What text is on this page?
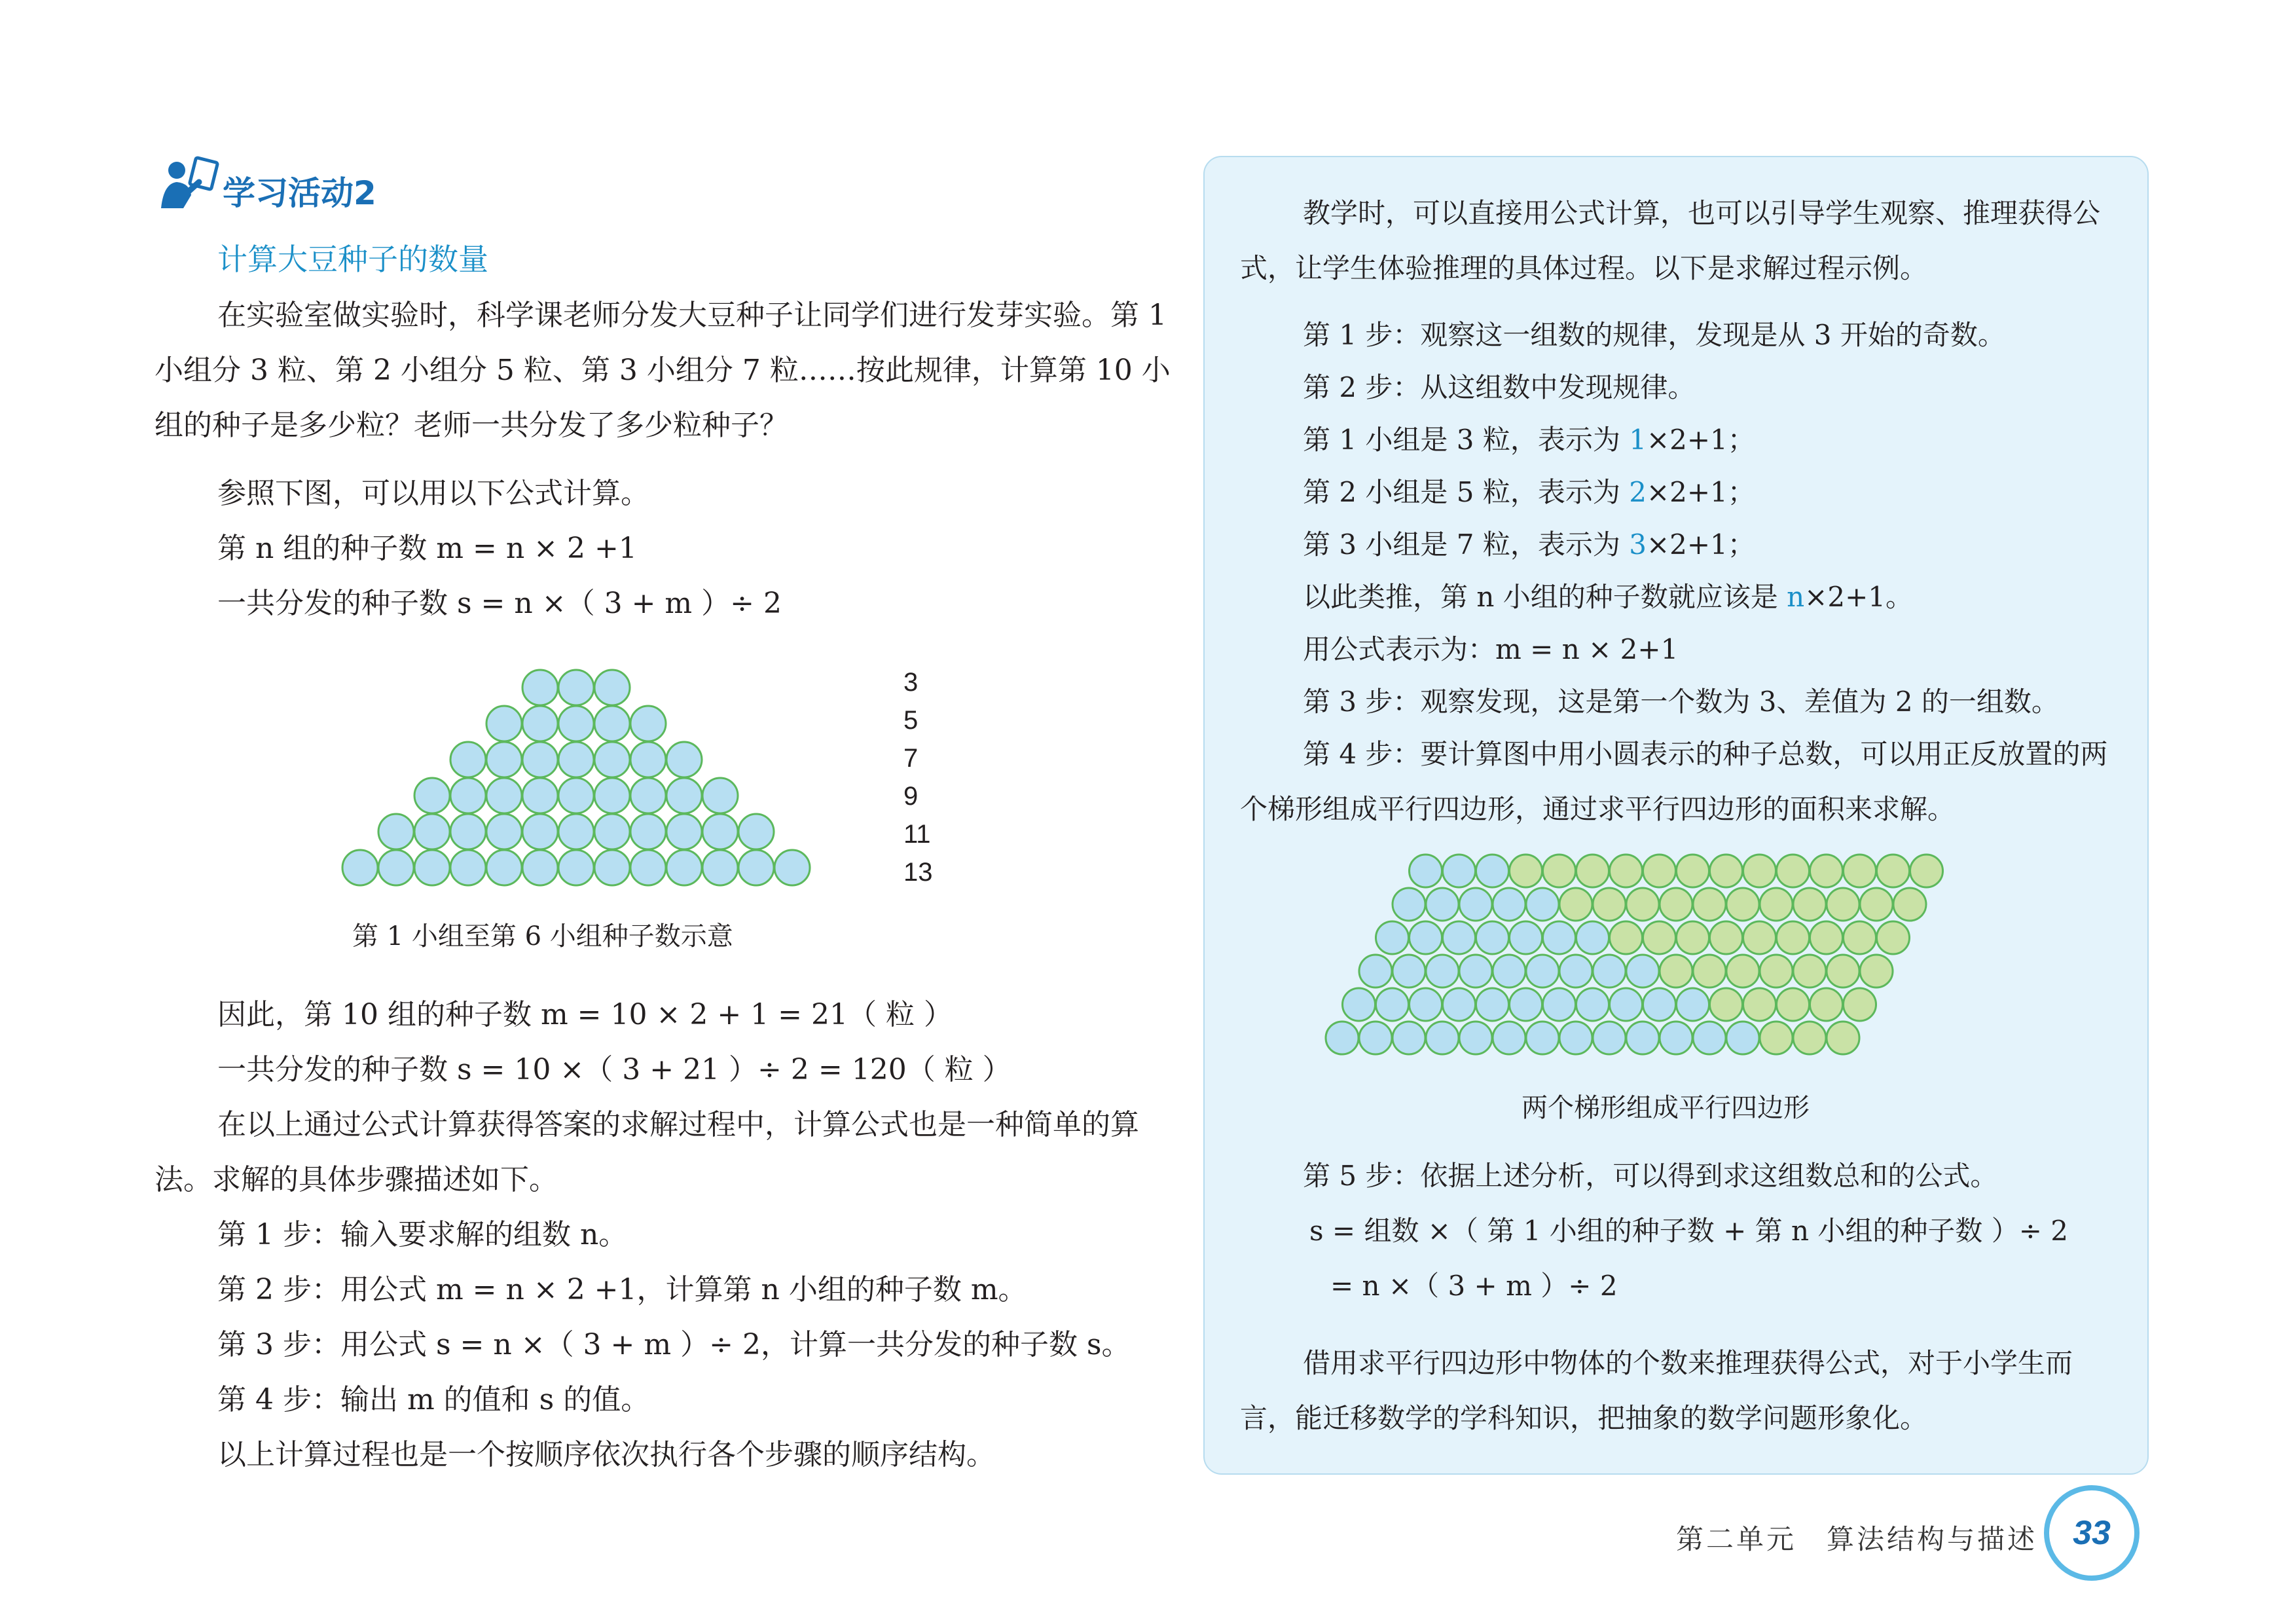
学习活动2
计算大豆种子的数量
在实验室做实验时，科学课老师分发大豆种子让同学们进行发芽实验。第 1 小组分 3 粒、第 2 小组分 5 粒、第 3 小组分 7 粒……按此规律，计算第 10 小组的种子是多少粒？老师一共分发了多少粒种子？
参照下图，可以用以下公式计算。
第 n 组的种子数 m = n × 2 +1
一共分发的种子数 s = n ×（ 3 + m ）÷ 2
3
5
7
9
11
13
第 1 小组至第 6 小组种子数示意
因此，第 10 组的种子数 m = 10 × 2 + 1 = 21（ 粒 ）
一共分发的种子数 s = 10 ×（ 3 + 21 ）÷ 2 = 120（ 粒 ）
在以上通过公式计算获得答案的求解过程中，计算公式也是一种简单的算法。求解的具体步骤描述如下。
第 1 步：输入要求解的组数 n。
第 2 步：用公式 m = n × 2 +1，计算第 n 小组的种子数 m。
第 3 步：用公式 s = n ×（ 3 + m ）÷ 2，计算一共分发的种子数 s。
第 4 步：输出 m 的值和 s 的值。
以上计算过程也是一个按顺序依次执行各个步骤的顺序结构。
教学时，可以直接用公式计算，也可以引导学生观察、推理获得公式，让学生体验推理的具体过程。以下是求解过程示例。
第 1 步：观察这一组数的规律，发现是从 3 开始的奇数。
第 2 步：从这组数中发现规律。
第 1 小组是 3 粒，表示为 1×2+1；
第 2 小组是 5 粒，表示为 2×2+1；
第 3 小组是 7 粒，表示为 3×2+1；
以此类推，第 n 小组的种子数就应该是 n×2+1。
用公式表示为：m = n × 2+1
第 3 步：观察发现，这是第一个数为 3、差值为 2 的一组数。
第 4 步：要计算图中用小圆表示的种子总数，可以用正反放置的两个梯形组成平行四边形，通过求平行四边形的面积来求解。
两个梯形组成平行四边形
第 5 步：依据上述分析，可以得到求这组数总和的公式。
s = 组数 ×（ 第 1 小组的种子数 + 第 n 小组的种子数 ）÷ 2
= n ×（ 3 + m ）÷ 2
借用求平行四边形中物体的个数来推理获得公式，对于小学生而言，能迁移数学的学科知识，把抽象的数学问题形象化。
第二单元　算法结构与描述 33
